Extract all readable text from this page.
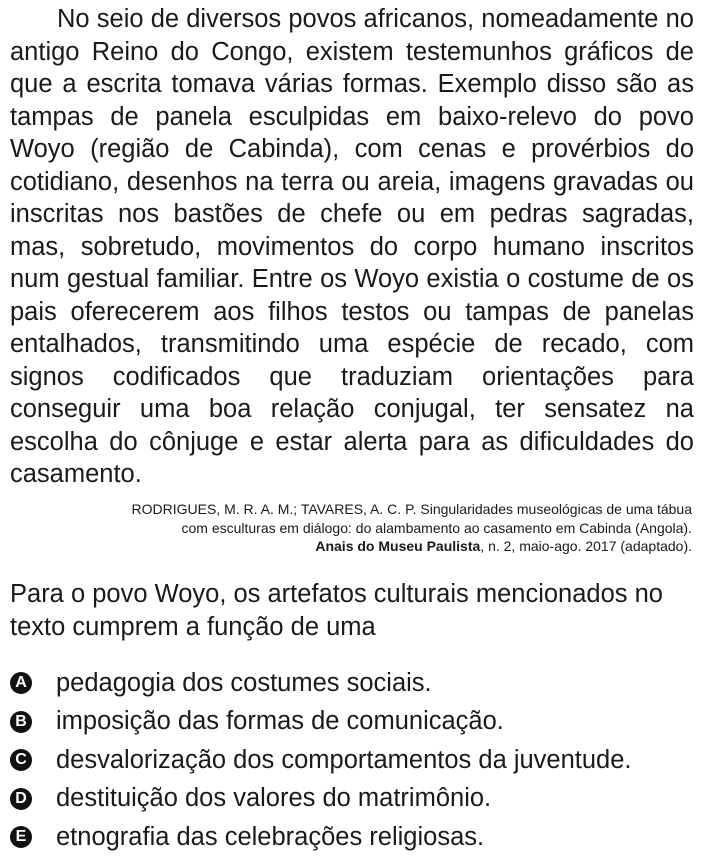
No seio de diversos povos africanos, nomeadamente no antigo Reino do Congo, existem testemunhos gráficos de que a escrita tomava várias formas. Exemplo disso são as tampas de panela esculpidas em baixo-relevo do povo Woyo (região de Cabinda), com cenas e provérbios do cotidiano, desenhos na terra ou areia, imagens gravadas ou inscritas nos bastões de chefe ou em pedras sagradas, mas, sobretudo, movimentos do corpo humano inscritos num gestual familiar. Entre os Woyo existia o costume de os pais oferecerem aos filhos testos ou tampas de panelas entalhados, transmitindo uma espécie de recado, com signos codificados que traduziam orientações para conseguir uma boa relação conjugal, ter sensatez na escolha do cônjuge e estar alerta para as dificuldades do casamento.

RODRIGUES, M. R. A. M.; TAVARES, A. C. P. Singularidades museológicas de uma tábua
com esculturas em diálogo: do alambamento ao casamento em Cabinda (Angola).
Anais do Museu Paulista, n. 2, maio-ago. 2017 (adaptado).

Para o povo Woyo, os artefatos culturais mencionados no texto cumprem a função de uma

A pedagogia dos costumes sociais.
B imposição das formas de comunicação.
C desvalorização dos comportamentos da juventude.
D destituição dos valores do matrimônio.
E etnografia das celebrações religiosas.
